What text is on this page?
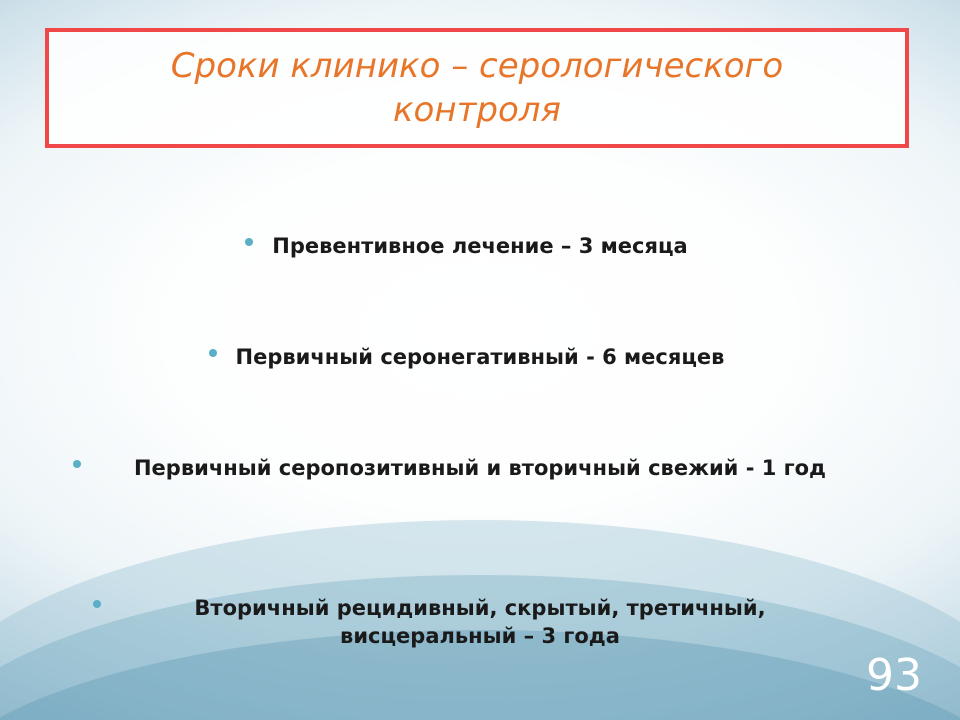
Сроки клинико – серологического контроля
Превентивное лечение – 3 месяца
Первичный серонегативный - 6 месяцев
Первичный серопозитивный и вторичный свежий - 1 год
Вторичный рецидивный, скрытый, третичный, висцеральный – 3 года
93
